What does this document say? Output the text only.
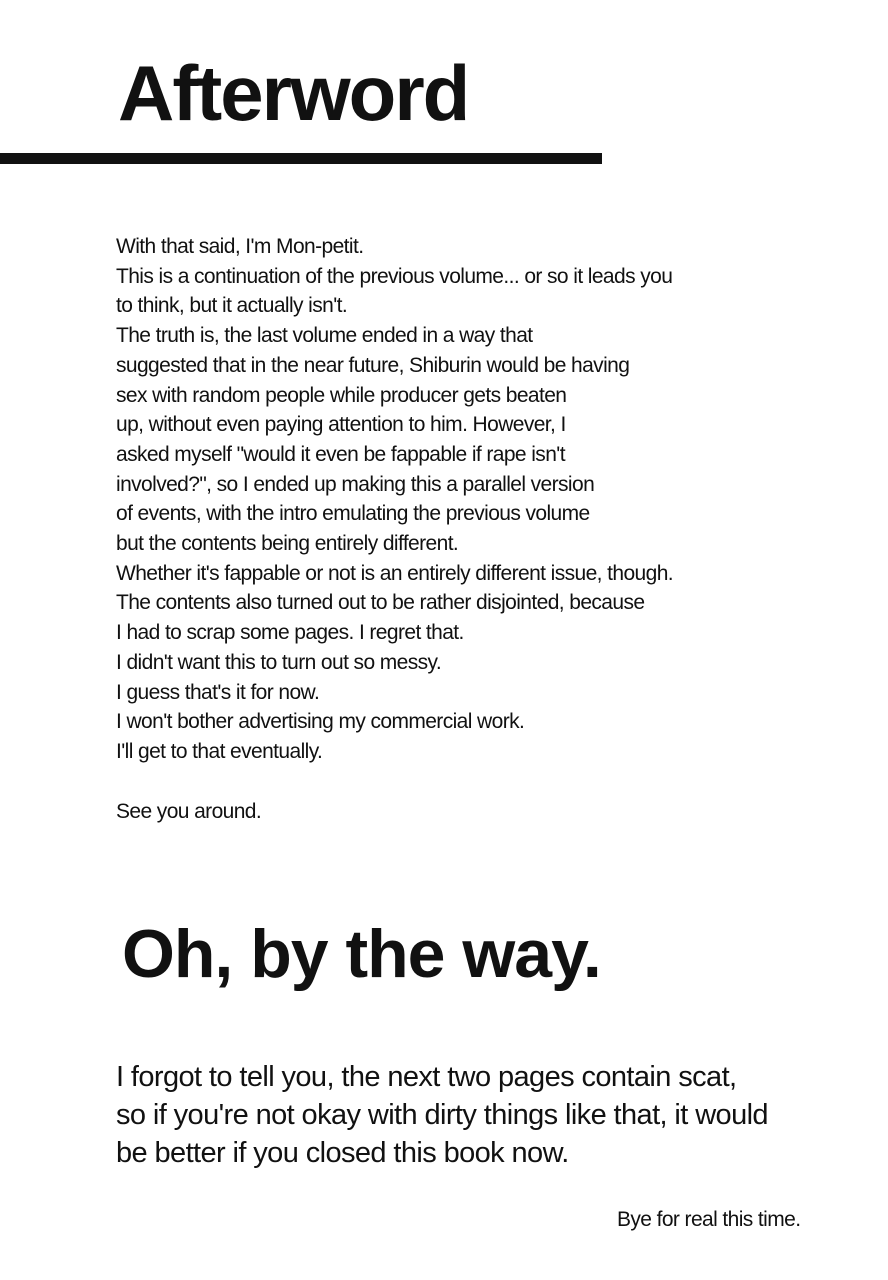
Afterword
With that said, I'm Mon-petit.
This is a continuation of the previous volume... or so it leads you
to think, but it actually isn't.
The truth is, the last volume ended in a way that
suggested that in the near future, Shiburin would be having
sex with random people while producer gets beaten
up, without even paying attention to him. However, I
asked myself "would it even be fappable if rape isn't
involved?", so I ended up making this a parallel version
of events, with the intro emulating the previous volume
but the contents being entirely different.
Whether it's fappable or not is an entirely different issue, though.
The contents also turned out to be rather disjointed, because
I had to scrap some pages. I regret that.
I didn't want this to turn out so messy.
I guess that's it for now.
I won't bother advertising my commercial work.
I'll get to that eventually.

See you around.

Oh, by the way.
I forgot to tell you, the next two pages contain scat,
so if you're not okay with dirty things like that, it would
be better if you closed this book now.

Bye for real this time.
